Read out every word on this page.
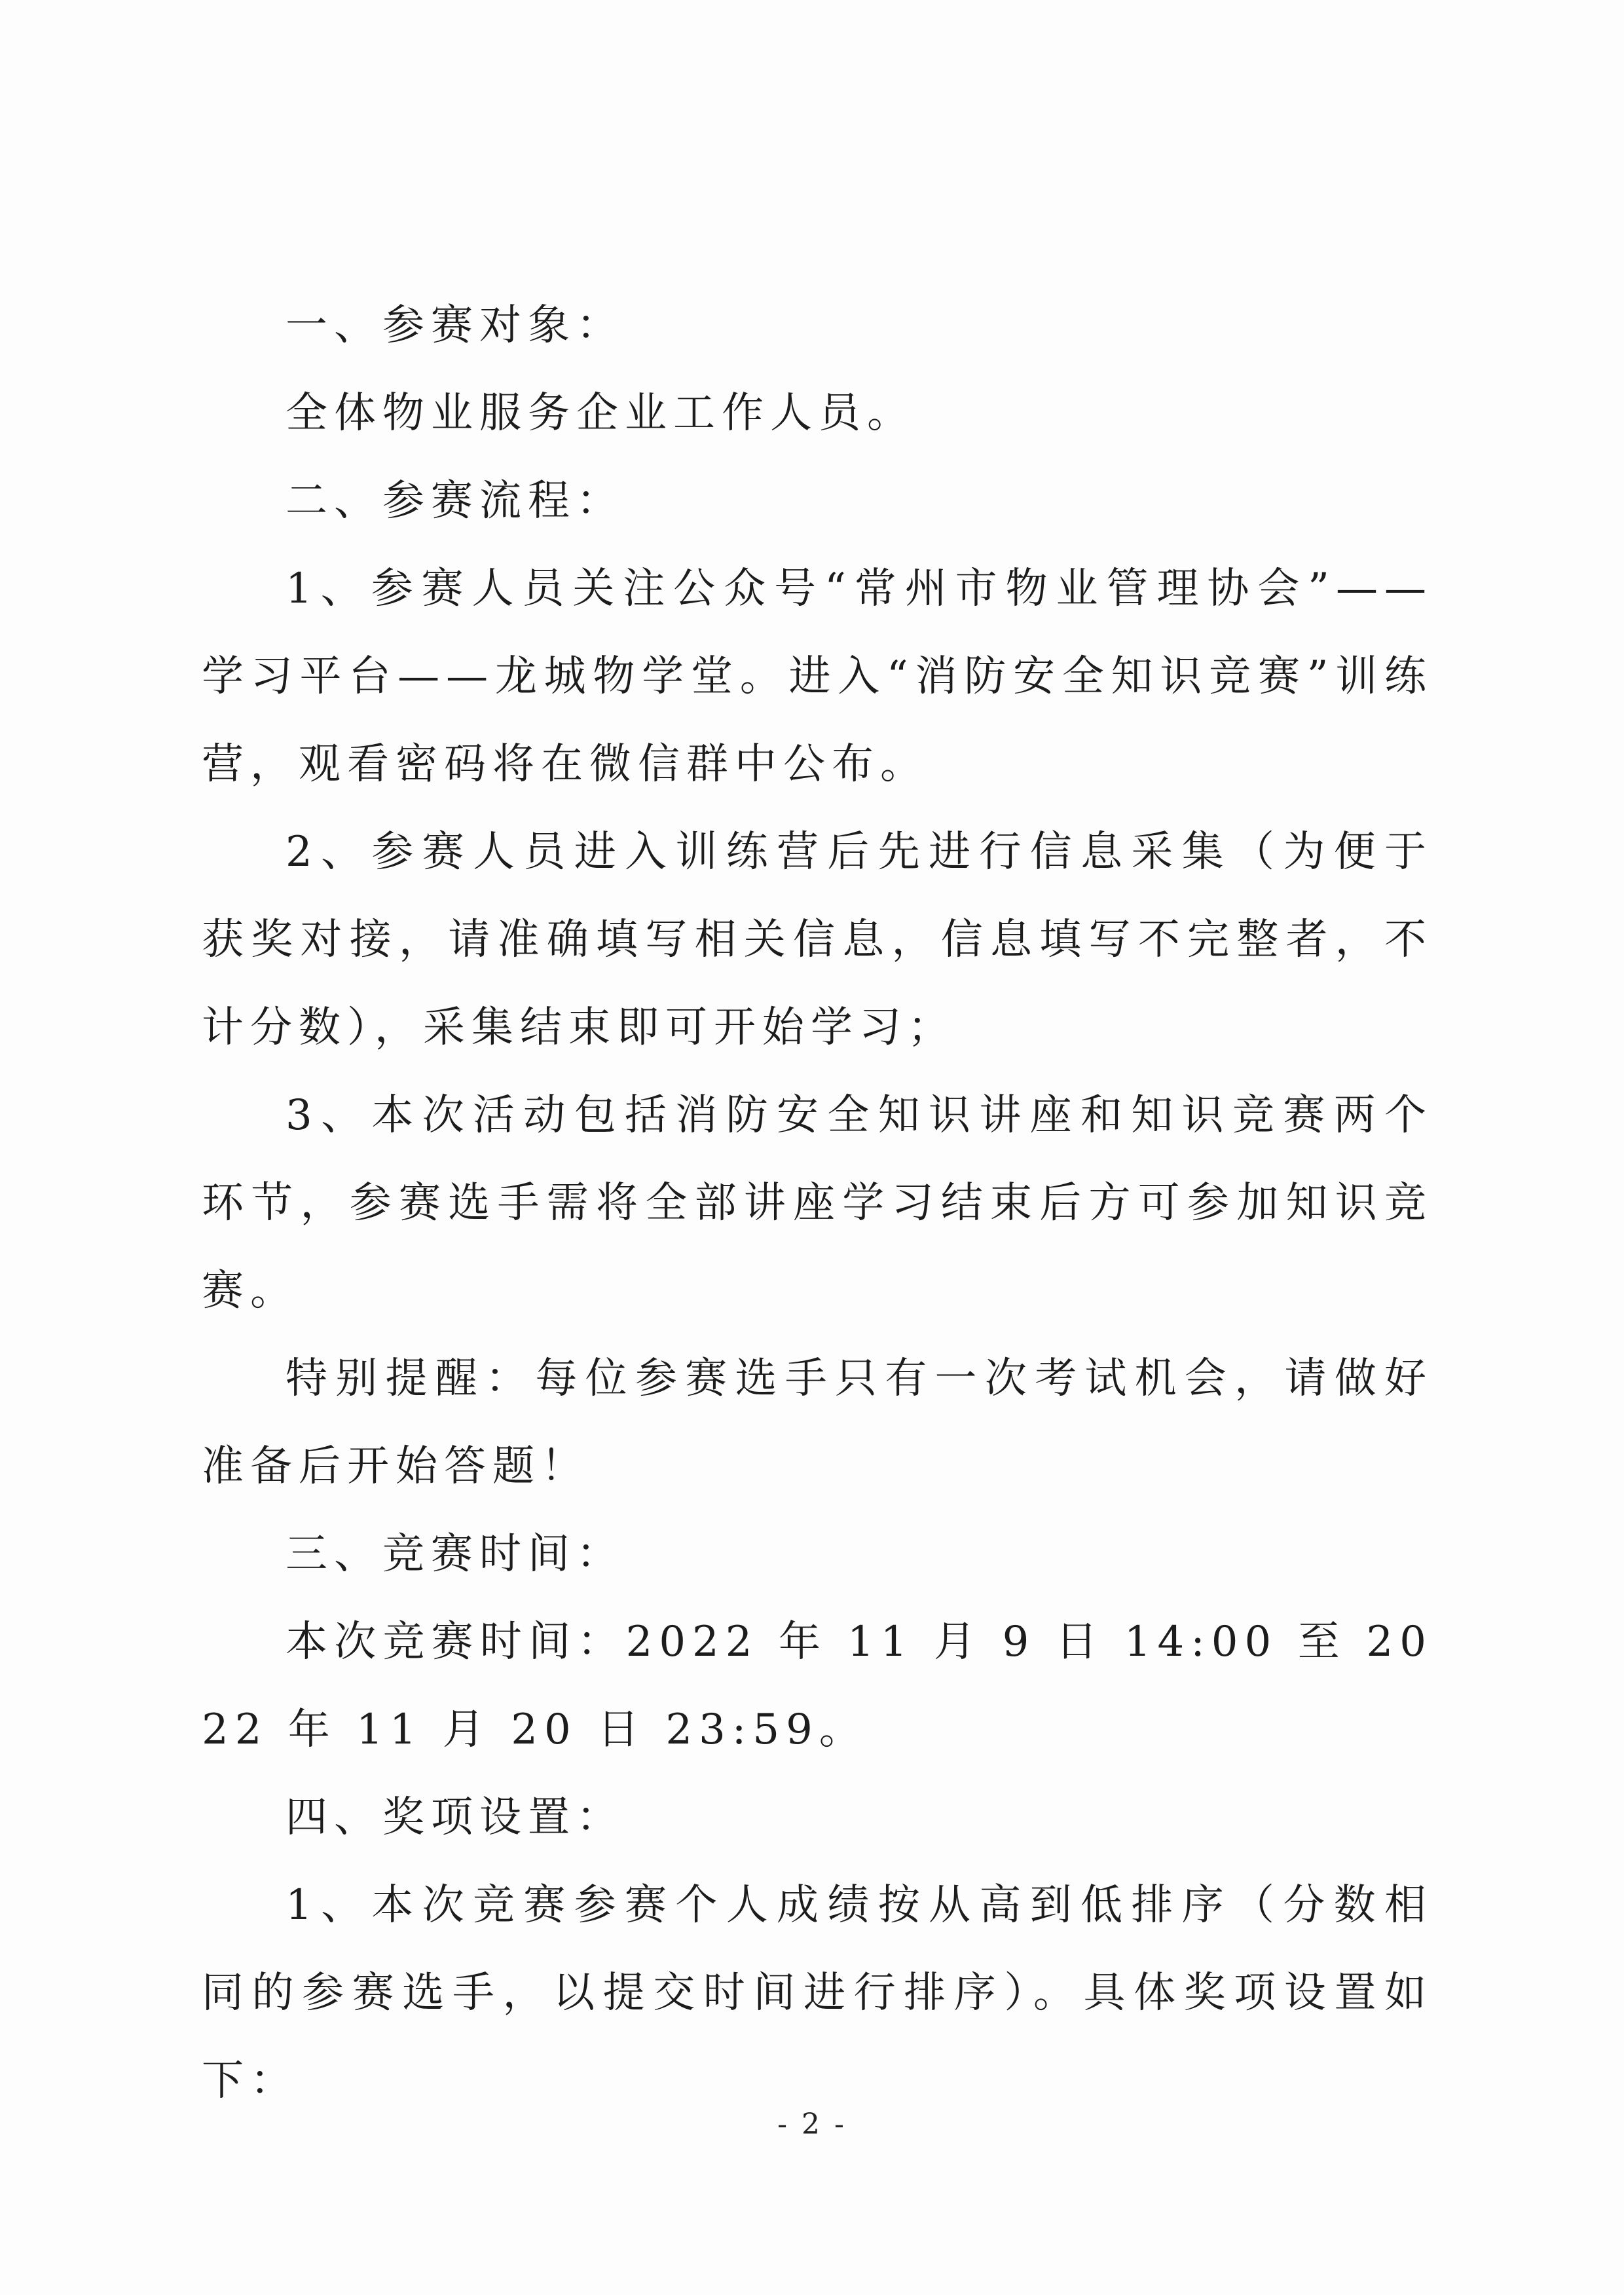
一、参赛对象：

全体物业服务企业工作人员。

二、参赛流程：

1、参赛人员关注公众号“常州市物业管理协会”——学习平台——龙城物学堂。进入“消防安全知识竞赛”训练营，观看密码将在微信群中公布。

2、参赛人员进入训练营后先进行信息采集（为便于获奖对接，请准确填写相关信息，信息填写不完整者，不计分数），采集结束即可开始学习；

3、本次活动包括消防安全知识讲座和知识竞赛两个环节，参赛选手需将全部讲座学习结束后方可参加知识竞赛。

特别提醒：每位参赛选手只有一次考试机会，请做好准备后开始答题！

三、竞赛时间：

本次竞赛时间：2022 年 11 月 9 日 14:00 至 2022 年 11 月 20 日 23:59。

四、奖项设置：

1、本次竞赛参赛个人成绩按从高到低排序（分数相同的参赛选手，以提交时间进行排序）。具体奖项设置如下：

- 2 -
